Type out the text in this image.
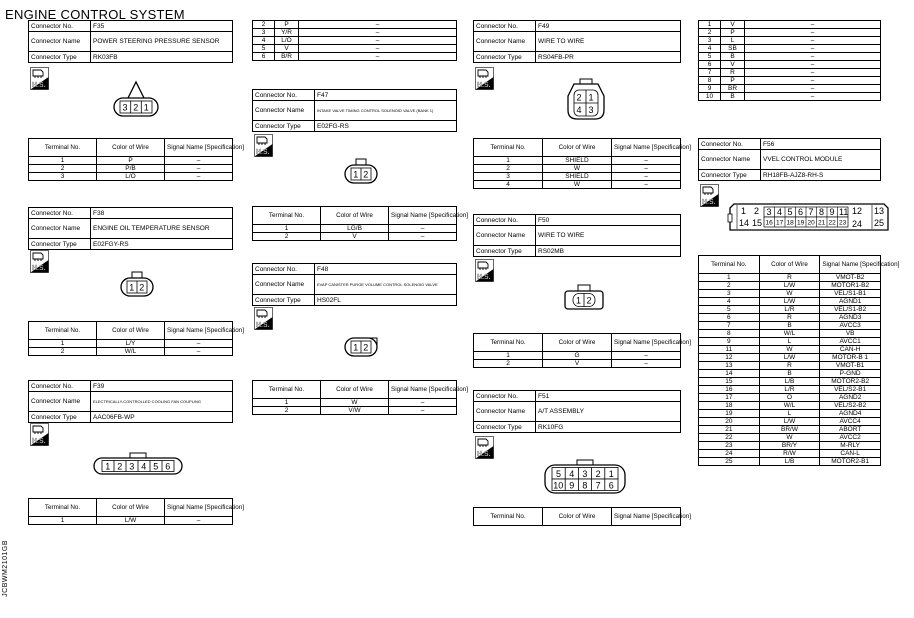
ENGINE CONTROL SYSTEM
JCBWM2101GB
Connector No.	F35
Connector Name	POWER STEERING PRESSURE SENSOR
Connector Type	RK03FB
H.S.
3 2 1
Terminal No.	Color of Wire	Signal Name [Specification]
1	P	–
2	P/B	–
3	L/O	–
Connector No.	F38
Connector Name	ENGINE OIL TEMPERATURE SENSOR
Connector Type	E02FGY-RS
H.S.
1 2
Terminal No.	Color of Wire	Signal Name [Specification]
1	L/Y	–
2	W/L	–
Connector No.	F39
Connector Name	ELECTRICALLY-CONTROLLED COOLING FAN COUPLING
Connector Type	AAC06FB-WP
H.S.
1 2 3 4 5 6
Terminal No.	Color of Wire	Signal Name [Specification]
1	L/W	–
2	P	–
3	Y/R	–
4	L/O	–
5	V	–
6	B/R	–
Connector No.	F47
Connector Name	INTAKE VALVE TIMING CONTROL SOLENOID VALVE (BANK 1)
Connector Type	E02FG-RS
H.S.
1 2
Terminal No.	Color of Wire	Signal Name [Specification]
1	LG/B	–
2	V	–
Connector No.	F48
Connector Name	EVAP CANISTER PURGE VOLUME CONTROL SOLENOID VALVE
Connector Type	HS02FL
H.S.
1 2
Terminal No.	Color of Wire	Signal Name [Specification]
1	W	–
2	V/W	–
Connector No.	F49
Connector Name	WIRE TO WIRE
Connector Type	RS04FB-PR
H.S.
2 1
4 3
Terminal No.	Color of Wire	Signal Name [Specification]
1	SHIELD	–
2	W	–
3	SHIELD	–
4	W	–
Connector No.	F50
Connector Name	WIRE TO WIRE
Connector Type	RS02MB
H.S.
1 2
Terminal No.	Color of Wire	Signal Name [Specification]
1	G	–
2	V	–
Connector No.	F51
Connector Name	A/T ASSEMBLY
Connector Type	RK10FG
H.S.
5 4 3 2 1
10 9 8 7 6
Terminal No.	Color of Wire	Signal Name [Specification]
1	V	–
2	P	–
3	L	–
4	SB	–
5	B	–
6	V	–
7	R	–
8	P	–
9	BR	–
10	B	–
Connector No.	F56
Connector Name	VVEL CONTROL MODULE
Connector Type	RH18FB-AJZ8-RH-S
H.S.
1 2 3 4 5 6 7 8 9 11 12 13
14 15 16 17 18 19 20 21 22 23 24 25
Terminal No.	Color of Wire	Signal Name [Specification]
1	R	VMOT-B2
2	L/W	MOTOR1-B2
3	W	VEL/S1-B1
4	L/W	AGND1
5	L/R	VEL/S1-B2
6	R	AGND3
7	B	AVCC3
8	W/L	VB
9	L	AVCC1
11	W	CAN-H
12	L/W	MOTOR-B 1
13	R	VMOT-B1
14	B	P-GND
15	L/B	MOTOR2-B2
16	L/R	VEL/S2-B1
17	O	AGND2
18	W/L	VEL/S2-B2
19	L	AGND4
20	L/W	AVCC4
21	BR/W	ABORT
22	W	AVCC2
23	BR/Y	M-RLY
24	R/W	CAN-L
25	L/B	MOTOR2-B1
